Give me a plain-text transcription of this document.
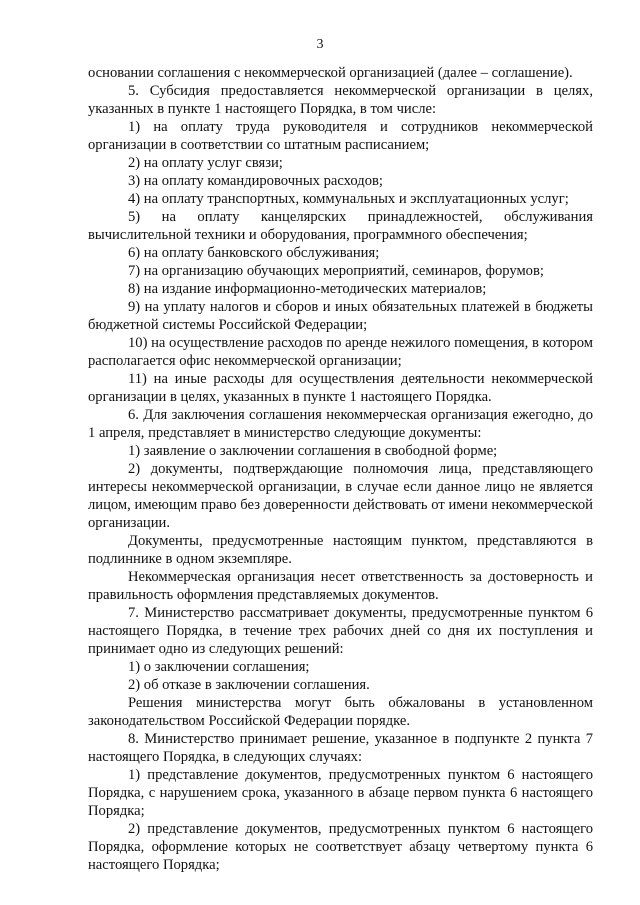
3

основании соглашения с некоммерческой организацией (далее – соглашение).

5. Субсидия предоставляется некоммерческой организации в целях, указанных в пункте 1 настоящего Порядка, в том числе:

1) на оплату труда руководителя и сотрудников некоммерческой организации в соответствии со штатным расписанием;

2) на оплату услуг связи;

3) на оплату командировочных расходов;

4) на оплату транспортных, коммунальных и эксплуатационных услуг;

5) на оплату канцелярских принадлежностей, обслуживания вычислительной техники и оборудования, программного обеспечения;

6) на оплату банковского обслуживания;

7) на организацию обучающих мероприятий, семинаров, форумов;

8) на издание информационно-методических материалов;

9) на уплату налогов и сборов и иных обязательных платежей в бюджеты бюджетной системы Российской Федерации;

10) на осуществление расходов по аренде нежилого помещения, в котором располагается офис некоммерческой организации;

11) на иные расходы для осуществления деятельности некоммерческой организации в целях, указанных в пункте 1 настоящего Порядка.

6. Для заключения соглашения некоммерческая организация ежегодно, до 1 апреля, представляет в министерство следующие документы:

1) заявление о заключении соглашения в свободной форме;

2) документы, подтверждающие полномочия лица, представляющего интересы некоммерческой организации, в случае если данное лицо не является лицом, имеющим право без доверенности действовать от имени некоммерческой организации.

Документы, предусмотренные настоящим пунктом, представляются в подлиннике в одном экземпляре.

Некоммерческая организация несет ответственность за достоверность и правильность оформления представляемых документов.

7. Министерство рассматривает документы, предусмотренные пунктом 6 настоящего Порядка, в течение трех рабочих дней со дня их поступления и принимает одно из следующих решений:

1) о заключении соглашения;

2) об отказе в заключении соглашения.

Решения министерства могут быть обжалованы в установленном законодательством Российской Федерации порядке.

8. Министерство принимает решение, указанное в подпункте 2 пункта 7 настоящего Порядка, в следующих случаях:

1) представление документов, предусмотренных пунктом 6 настоящего Порядка, с нарушением срока, указанного в абзаце первом пункта 6 настоящего Порядка;

2) представление документов, предусмотренных пунктом 6 настоящего Порядка, оформление которых не соответствует абзацу четвертому пункта 6 настоящего Порядка;
